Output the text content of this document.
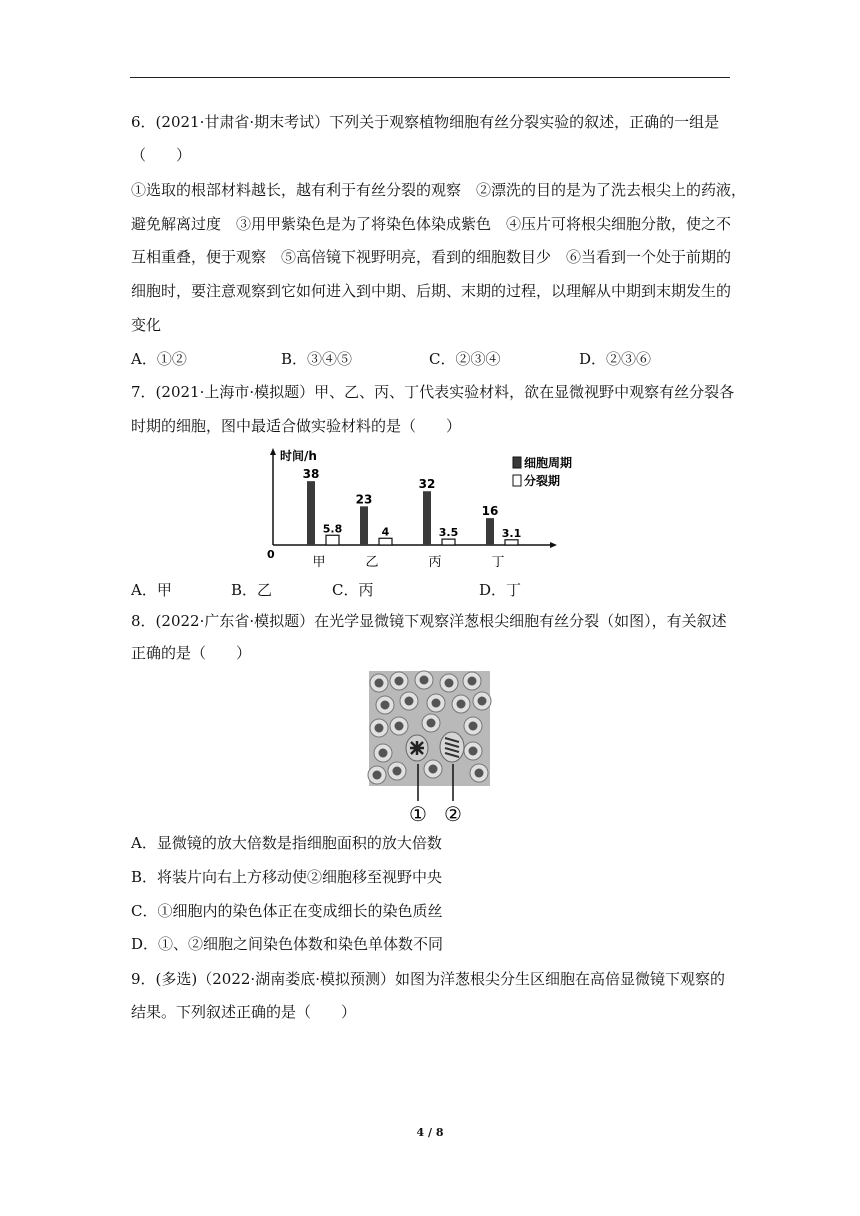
6．(2021·甘肃省·期末考试）下列关于观察植物细胞有丝分裂实验的叙述，正确的一组是
（　　）
①选取的根部材料越长，越有利于有丝分裂的观察　②漂洗的目的是为了洗去根尖上的药液，
避免解离过度　③用甲紫染色是为了将染色体染成紫色　④压片可将根尖细胞分散，使之不
互相重叠，便于观察　⑤高倍镜下视野明亮，看到的细胞数目少　⑥当看到一个处于前期的
细胞时，要注意观察到它如何进入到中期、后期、末期的过程，以理解从中期到末期发生的
变化
A．①②	B．③④⑤	C．②③④	D．②③⑥
7．(2021·上海市·模拟题）甲、乙、丙、丁代表实验材料，欲在显微视野中观察有丝分裂各
时期的细胞，图中最适合做实验材料的是（　　）
时间/h
0
38
5.8
甲
23
4
乙
32
3.5
丙
16
3.1
丁
细胞周期
分裂期
A．甲	B．乙	C．丙	D．丁
8．(2022·广东省·模拟题）在光学显微镜下观察洋葱根尖细胞有丝分裂（如图），有关叙述
正确的是（　　）
① ②
A．显微镜的放大倍数是指细胞面积的放大倍数
B．将装片向右上方移动使②细胞移至视野中央
C．①细胞内的染色体正在变成细长的染色质丝
D．①、②细胞之间染色体数和染色单体数不同
9．(多选)（2022·湖南娄底·模拟预测）如图为洋葱根尖分生区细胞在高倍显微镜下观察的
结果。下列叙述正确的是（　　）
4 / 8
